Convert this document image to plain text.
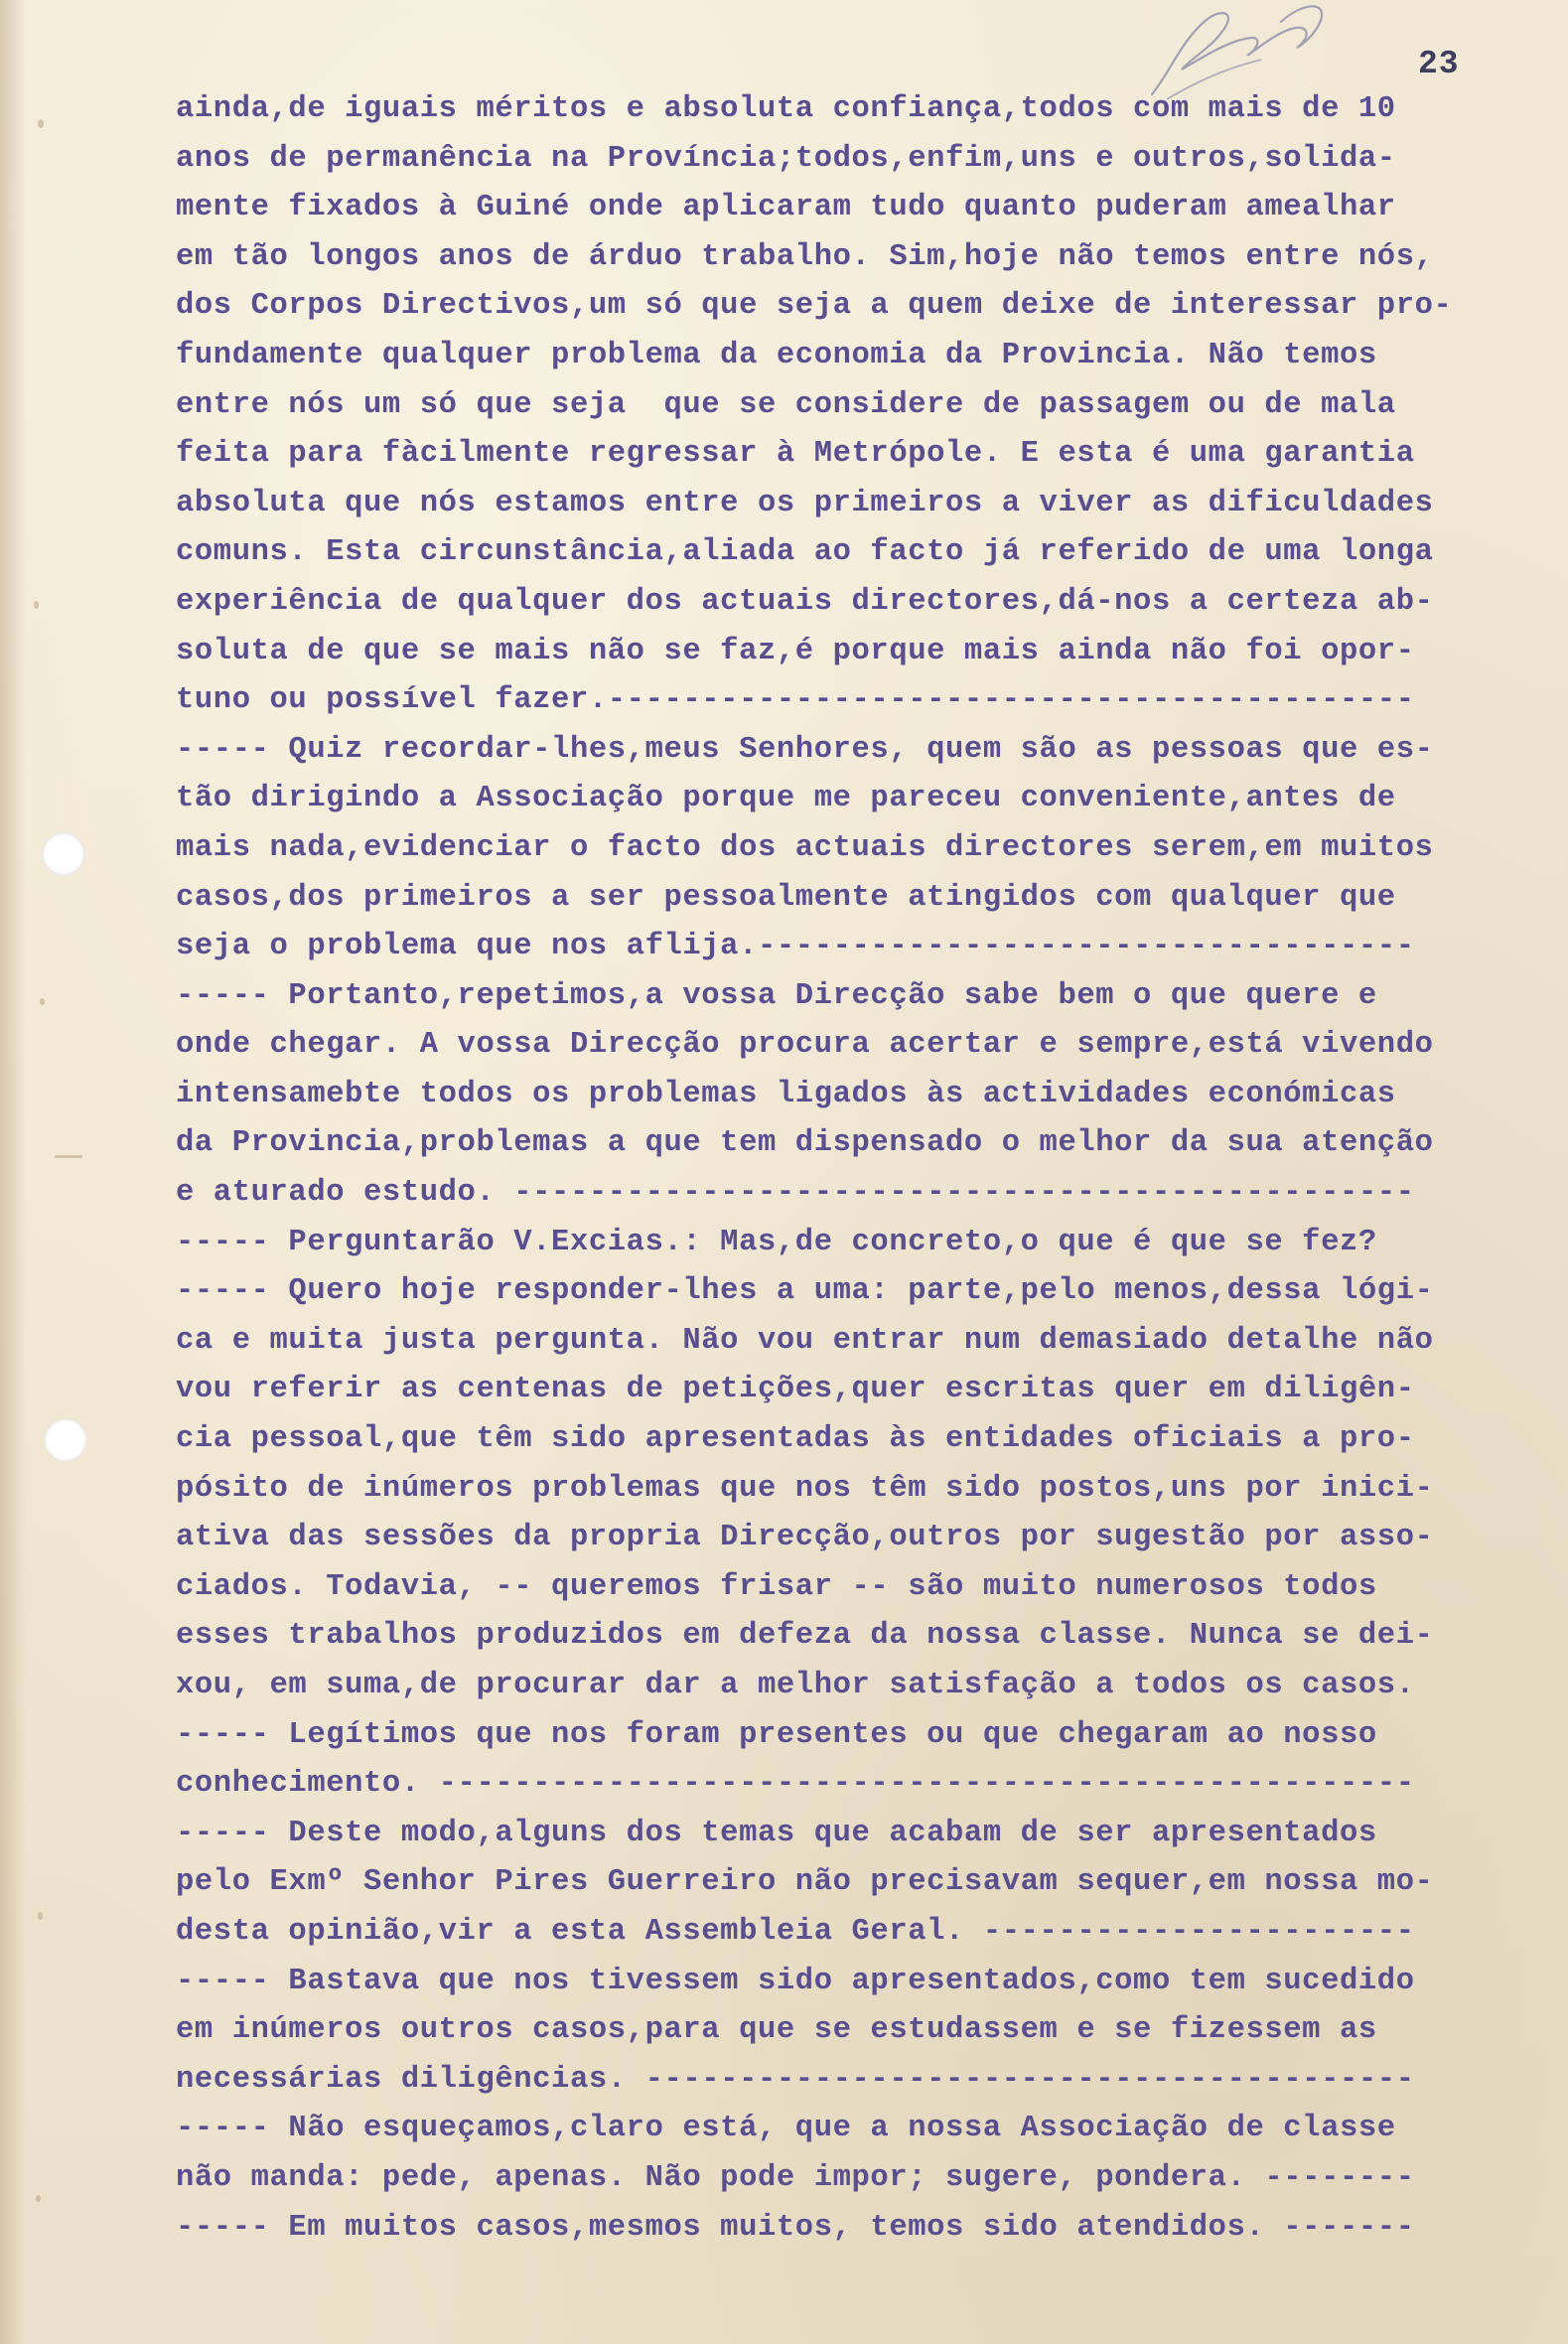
23
ainda,de iguais méritos e absoluta confiança,todos com mais de 10
anos de permanência na Província;todos,enfim,uns e outros,solida-
mente fixados à Guiné onde aplicaram tudo quanto puderam amealhar
em tão longos anos de árduo trabalho. Sim,hoje não temos entre nós,
dos Corpos Directivos,um só que seja a quem deixe de interessar pro-
fundamente qualquer problema da economia da Provincia. Não temos
entre nós um só que seja  que se considere de passagem ou de mala
feita para fàcilmente regressar à Metrópole. E esta é uma garantia
absoluta que nós estamos entre os primeiros a viver as dificuldades
comuns. Esta circunstância,aliada ao facto já referido de uma longa
experiência de qualquer dos actuais directores,dá-nos a certeza ab-
soluta de que se mais não se faz,é porque mais ainda não foi opor-
tuno ou possível fazer.-------------------------------------------
----- Quiz recordar-lhes,meus Senhores, quem são as pessoas que es-
tão dirigindo a Associação porque me pareceu conveniente,antes de
mais nada,evidenciar o facto dos actuais directores serem,em muitos
casos,dos primeiros a ser pessoalmente atingidos com qualquer que
seja o problema que nos aflija.-----------------------------------
----- Portanto,repetimos,a vossa Direcção sabe bem o que quere e
onde chegar. A vossa Direcção procura acertar e sempre,está vivendo
intensamebte todos os problemas ligados às actividades económicas
da Provincia,problemas a que tem dispensado o melhor da sua atenção
e aturado estudo. ------------------------------------------------
----- Perguntarão V.Excias.: Mas,de concreto,o que é que se fez?
----- Quero hoje responder-lhes a uma: parte,pelo menos,dessa lógi-
ca e muita justa pergunta. Não vou entrar num demasiado detalhe não
vou referir as centenas de petições,quer escritas quer em diligên-
cia pessoal,que têm sido apresentadas às entidades oficiais a pro-
pósito de inúmeros problemas que nos têm sido postos,uns por inici-
ativa das sessões da propria Direcção,outros por sugestão por asso-
ciados. Todavia, -- queremos frisar -- são muito numerosos todos
esses trabalhos produzidos em defeza da nossa classe. Nunca se dei-
xou, em suma,de procurar dar a melhor satisfação a todos os casos.
----- Legítimos que nos foram presentes ou que chegaram ao nosso
conhecimento. ----------------------------------------------------
----- Deste modo,alguns dos temas que acabam de ser apresentados
pelo Exmº Senhor Pires Guerreiro não precisavam sequer,em nossa mo-
desta opinião,vir a esta Assembleia Geral. -----------------------
----- Bastava que nos tivessem sido apresentados,como tem sucedido
em inúmeros outros casos,para que se estudassem e se fizessem as
necessárias diligências. -----------------------------------------
----- Não esqueçamos,claro está, que a nossa Associação de classe
não manda: pede, apenas. Não pode impor; sugere, pondera. --------
----- Em muitos casos,mesmos muitos, temos sido atendidos. -------
